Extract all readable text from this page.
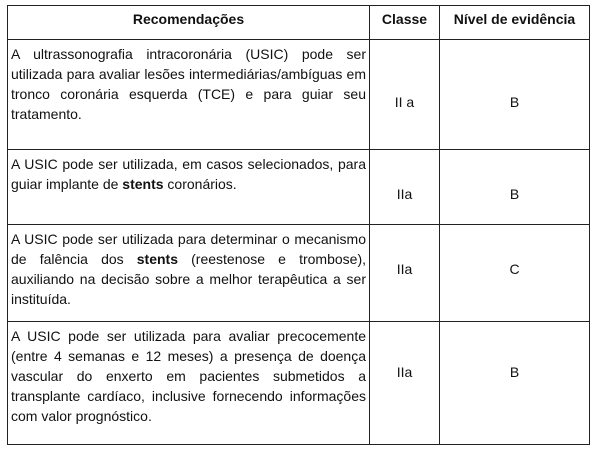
Recomendações	Classe	Nível de evidência
A ultrassonografia intracoronária (USIC) pode ser utilizada para avaliar lesões intermediárias/ambíguas em tronco coronária esquerda (TCE) e para guiar seu tratamento.	II a	B
A USIC pode ser utilizada, em casos selecionados, para guiar implante de stents coronários.	IIa	B
A USIC pode ser utilizada para determinar o mecanismo de falência dos stents (reestenose e trombose), auxiliando na decisão sobre a melhor terapêutica a ser instituída.	IIa	C
A USIC pode ser utilizada para avaliar precocemente (entre 4 semanas e 12 meses) a presença de doença vascular do enxerto em pacientes submetidos a transplante cardíaco, inclusive fornecendo informações com valor prognóstico.	IIa	B
